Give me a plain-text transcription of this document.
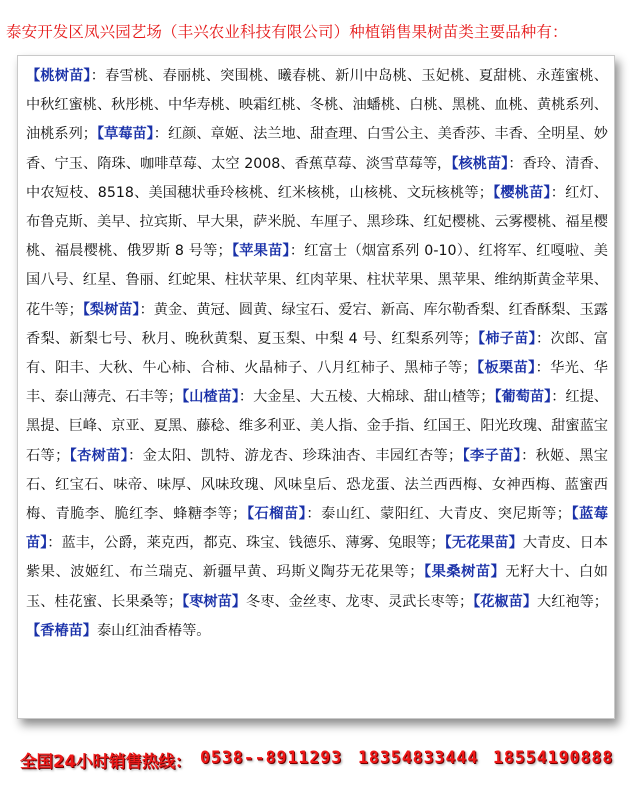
泰安开发区凤兴园艺场（丰兴农业科技有限公司）种植销售果树苗类主要品种有：
【桃树苗】：春雪桃、春丽桃、突围桃、曦春桃、新川中岛桃、玉妃桃、夏甜桃、永莲蜜桃、中秋红蜜桃、秋彤桃、中华寿桃、映霜红桃、冬桃、油蟠桃、白桃、黑桃、血桃、黄桃系列、油桃系列；【草莓苗】：红颜、章姬、法兰地、甜查理、白雪公主、美香莎、丰香、全明星、妙香、宁玉、隋珠、咖啡草莓、太空 2008、香蕉草莓、淡雪草莓等，【核桃苗】：香玲、清香、中农短枝、8518、美国穗状垂玲核桃、红米核桃，山核桃、文玩核桃等；【樱桃苗】：红灯、布鲁克斯、美早、拉宾斯、早大果，萨米脱、车厘子、黑珍珠、红妃樱桃、云雾樱桃、福星樱桃、福晨樱桃、俄罗斯 8 号等；【苹果苗】：红富士（烟富系列 0-10）、红将军、红嘎啦、美国八号、红星、鲁丽、红蛇果、柱状苹果、红肉苹果、柱状苹果、黑苹果、维纳斯黄金苹果、花牛等；【梨树苗】：黄金、黄冠、圆黄、绿宝石、爱宕、新高、库尔勒香梨、红香酥梨、玉露香梨、新梨七号、秋月、晚秋黄梨、夏玉梨、中梨 4 号、红梨系列等；【柿子苗】：次郎、富有、阳丰、大秋、牛心柿、合柿、火晶柿子、八月红柿子、黑柿子等；【板栗苗】：华光、华丰、泰山薄壳、石丰等；【山楂苗】：大金星、大五棱、大棉球、甜山楂等；【葡萄苗】：红提、黑提、巨峰、京亚、夏黑、藤稔、维多利亚、美人指、金手指、红国王、阳光玫瑰、甜蜜蓝宝石等；【杏树苗】：金太阳、凯特、游龙杏、珍珠油杏、丰园红杏等；【李子苗】：秋姬、黑宝石、红宝石、味帝、味厚、风味玫瑰、风味皇后、恐龙蛋、法兰西西梅、女神西梅、蓝蜜西梅、青脆李、脆红李、蜂糖李等；【石榴苗】：泰山红、蒙阳红、大青皮、突尼斯等；【蓝莓苗】：蓝丰，公爵，莱克西，都克、珠宝、钱德乐、薄雾、兔眼等；【无花果苗】大青皮、日本紫果、波姬红、布兰瑞克、新疆早黄、玛斯义陶芬无花果等；【果桑树苗】无籽大十、白如玉、桂花蜜、长果桑等；【枣树苗】冬枣、金丝枣、龙枣、灵武长枣等；【花椒苗】大红袍等；【香椿苗】泰山红油香椿等。
全国24小时销售热线： 0538--8911293 18354833444 18554190888
